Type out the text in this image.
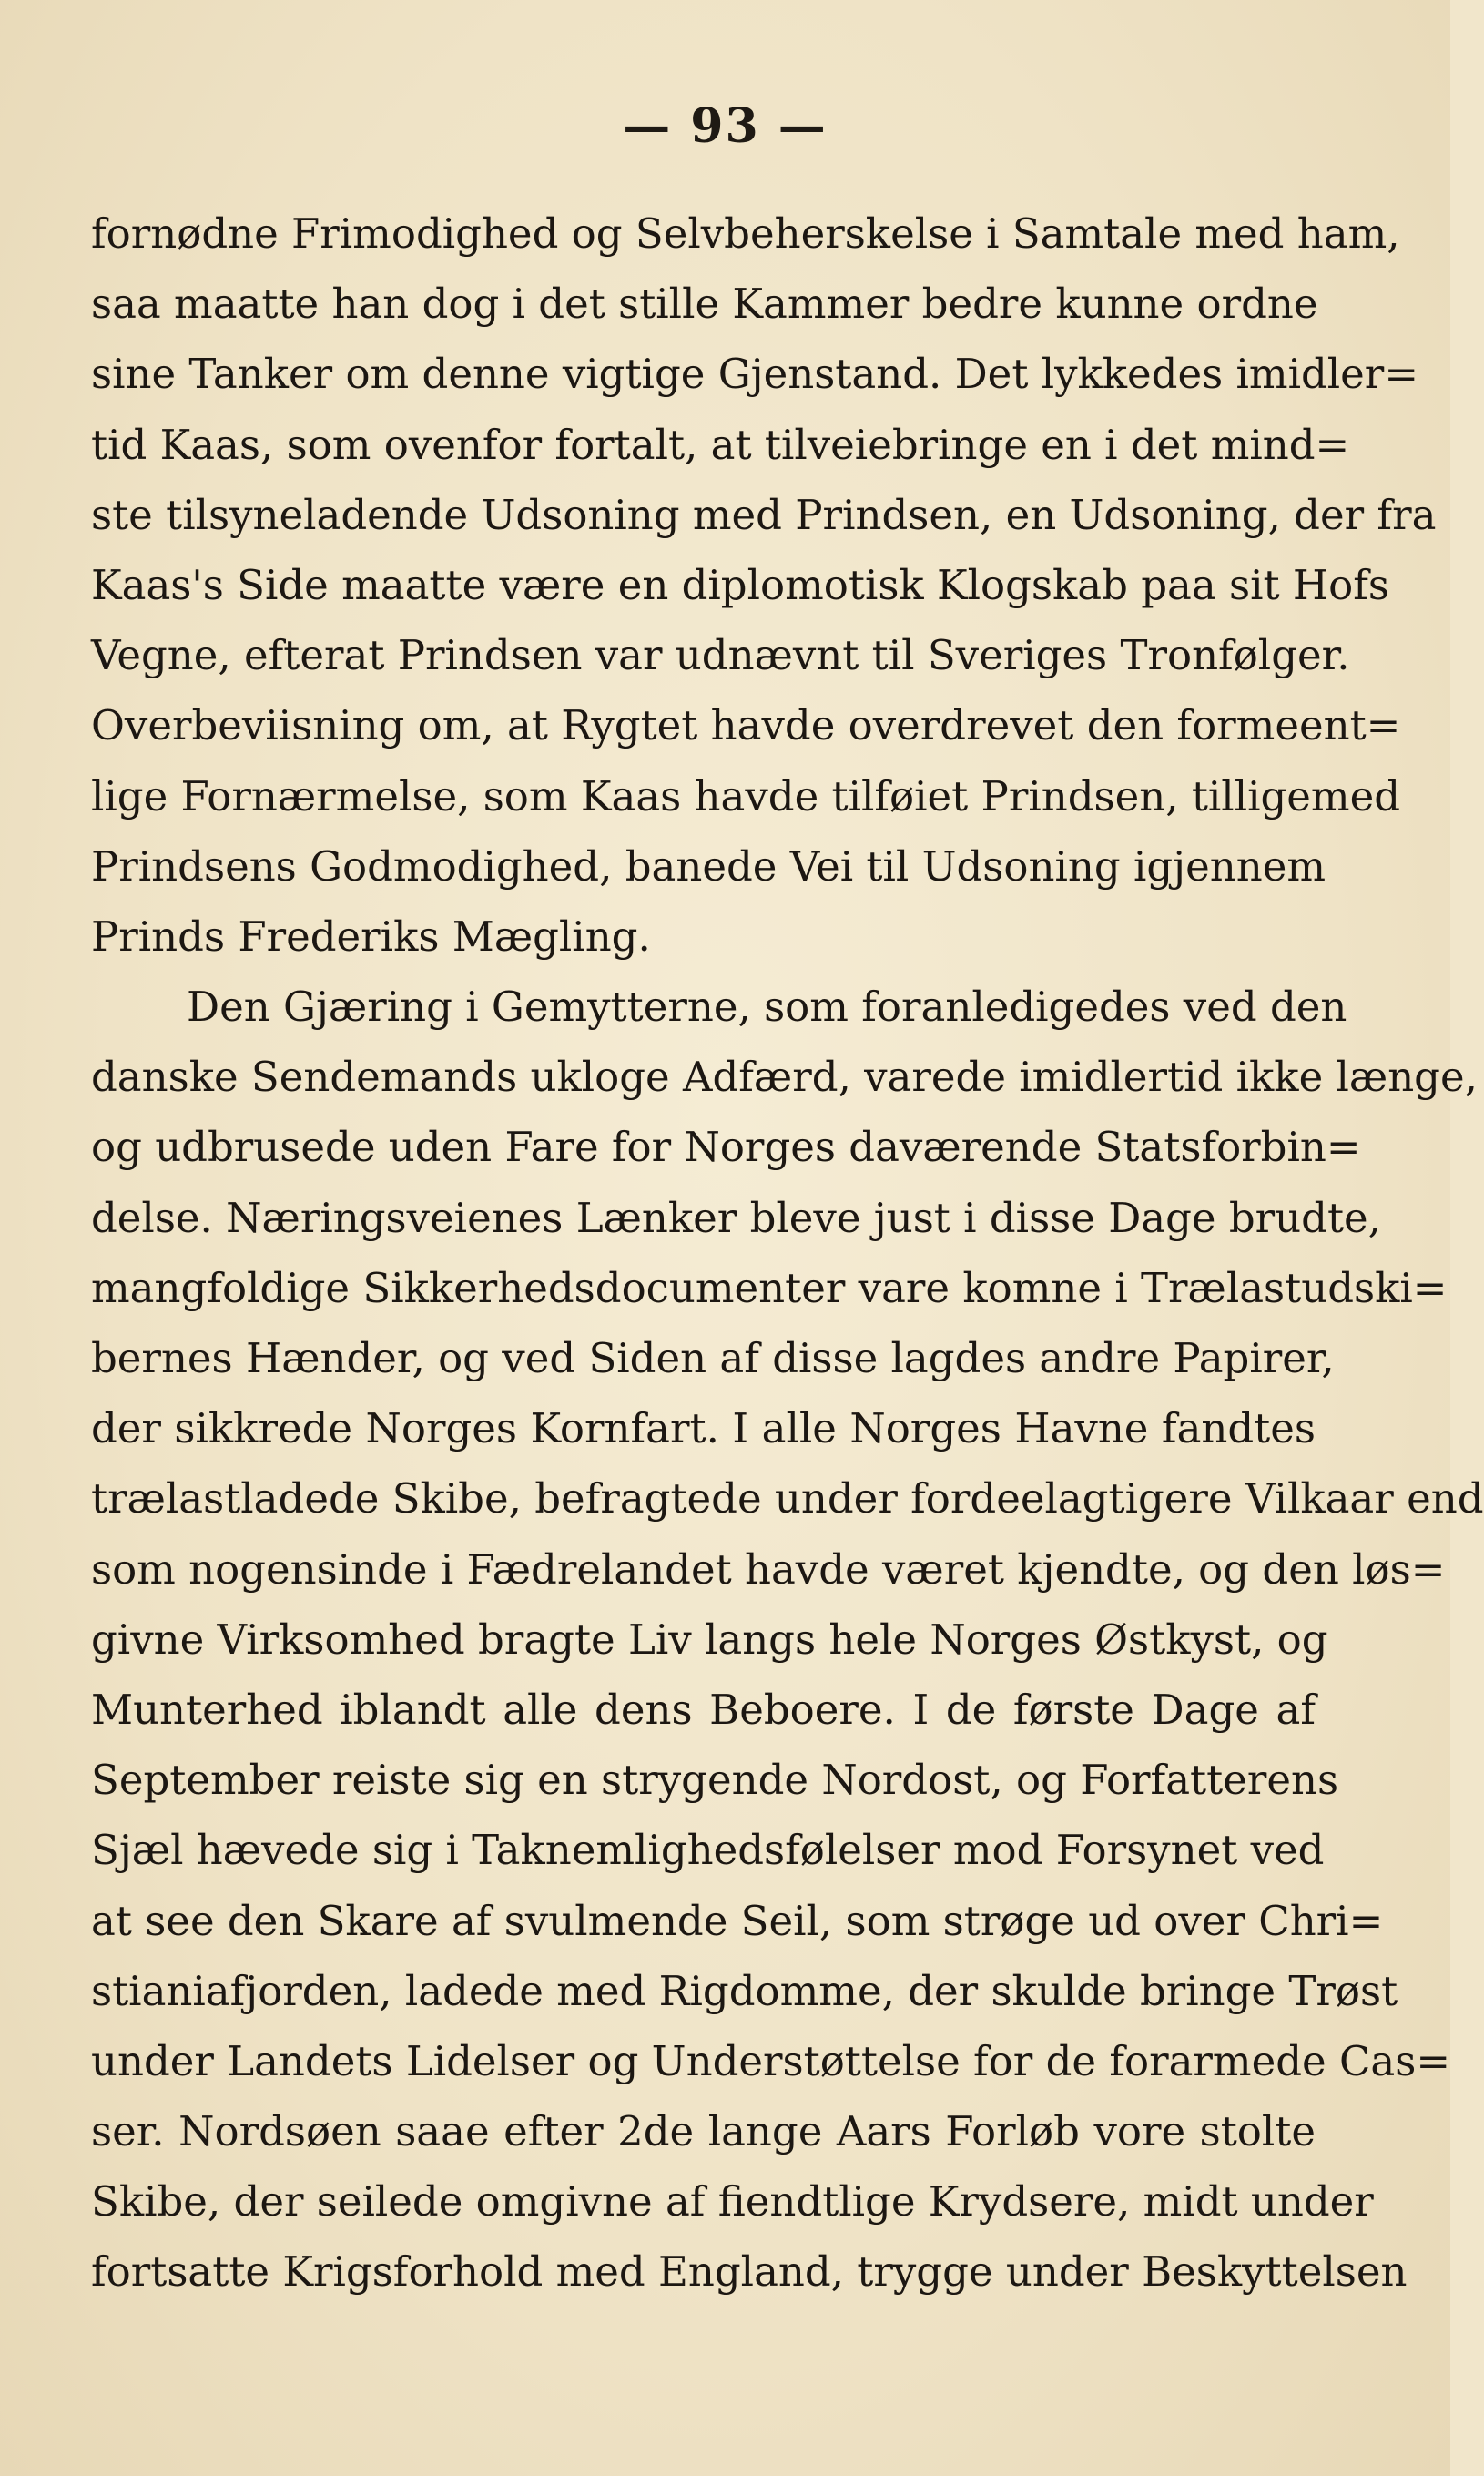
— 93 —
fornødne Frimodighed og Selvbeherskelse i Samtale med ham,
saa maatte han dog i det stille Kammer bedre kunne ordne
sine Tanker om denne vigtige Gjenstand. Det lykkedes imidler=
tid Kaas, som ovenfor fortalt, at tilveiebringe en i det mind=
ste tilsyneladende Udsoning med Prindsen, en Udsoning, der fra
Kaas's Side maatte være en diplomotisk Klogskab paa sit Hofs
Vegne, efterat Prindsen var udnævnt til Sveriges Tronfølger.
Overbeviisning om, at Rygtet havde overdrevet den formeent=
lige Fornærmelse, som Kaas havde tilføiet Prindsen, tilligemed
Prindsens Godmodighed, banede Vei til Udsoning igjennem
Prinds Frederiks Mægling.
Den Gjæring i Gemytterne, som foranledigedes ved den
danske Sendemands ukloge Adfærd, varede imidlertid ikke længe,
og udbrusede uden Fare for Norges daværende Statsforbin=
delse. Næringsveienes Lænker bleve just i disse Dage brudte,
mangfoldige Sikkerhedsdocumenter vare komne i Trælastudski=
bernes Hænder, og ved Siden af disse lagdes andre Papirer,
der sikkrede Norges Kornfart. I alle Norges Havne fandtes
trælastladede Skibe, befragtede under fordeelagtigere Vilkaar end
som nogensinde i Fædrelandet havde været kjendte, og den løs=
givne Virksomhed bragte Liv langs hele Norges Østkyst, og
Munterhed iblandt alle dens Beboere. I de første Dage af
September reiste sig en strygende Nordost, og Forfatterens
Sjæl hævede sig i Taknemlighedsfølelser mod Forsynet ved
at see den Skare af svulmende Seil, som strøge ud over Chri=
stianiafjorden, ladede med Rigdomme, der skulde bringe Trøst
under Landets Lidelser og Understøttelse for de forarmede Cas=
ser. Nordsøen saae efter 2de lange Aars Forløb vore stolte
Skibe, der seilede omgivne af fiendtlige Krydsere, midt under
fortsatte Krigsforhold med England, trygge under Beskyttelsen
